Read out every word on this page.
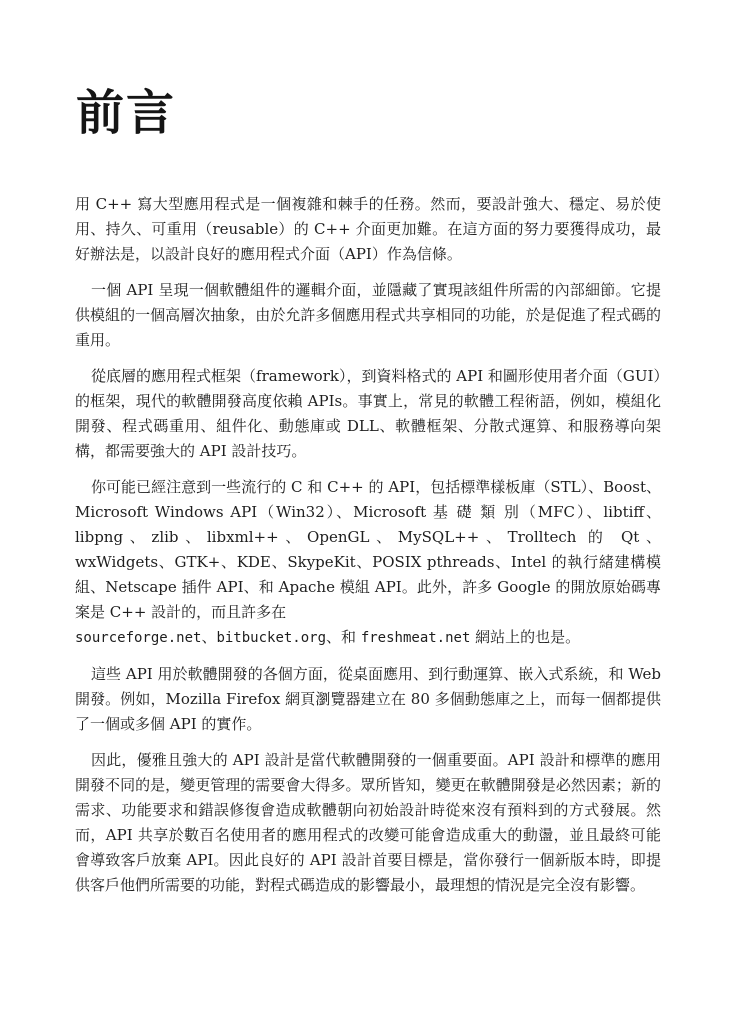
前言

用 C++ 寫大型應用程式是一個複雜和棘手的任務。然而，要設計強大、穩定、易於使用、持久、可重用（reusable）的 C++ 介面更加難。在這方面的努力要獲得成功，最好辦法是，以設計良好的應用程式介面（API）作為信條。

一個 API 呈現一個軟體組件的邏輯介面，並隱藏了實現該組件所需的內部細節。它提供模組的一個高層次抽象，由於允許多個應用程式共享相同的功能，於是促進了程式碼的重用。

從底層的應用程式框架（framework），到資料格式的 API 和圖形使用者介面（GUI）的框架，現代的軟體開發高度依賴 APIs。事實上，常見的軟體工程術語，例如，模組化開發、程式碼重用、組件化、動態庫或 DLL、軟體框架、分散式運算、和服務導向架構，都需要強大的 API 設計技巧。

你可能已經注意到一些流行的 C 和 C++ 的 API，包括標準樣板庫（STL）、Boost、Microsoft Windows API（Win32）、Microsoft 基 礎 類 別（MFC）、libtiff、libpng、zlib、libxml++、OpenGL、MySQL++、Trolltech 的 Qt、wxWidgets、GTK+、KDE、SkypeKit、POSIX pthreads、Intel 的執行緒建構模組、Netscape 插件 API、和 Apache 模組 API。此外，許多 Google 的開放原始碼專案是 C++ 設計的，而且許多在
sourceforge.net、bitbucket.org、和 freshmeat.net 網站上的也是。

這些 API 用於軟體開發的各個方面，從桌面應用、到行動運算、嵌入式系統，和 Web 開發。例如，Mozilla Firefox 網頁瀏覽器建立在 80 多個動態庫之上，而每一個都提供了一個或多個 API 的實作。

因此，優雅且強大的 API 設計是當代軟體開發的一個重要面。API 設計和標準的應用開發不同的是，變更管理的需要會大得多。眾所皆知，變更在軟體開發是必然因素；新的需求、功能要求和錯誤修復會造成軟體朝向初始設計時從來沒有預料到的方式發展。然而，API 共享於數百名使用者的應用程式的改變可能會造成重大的動盪，並且最終可能會導致客戶放棄 API。因此良好的 API 設計首要目標是，當你發行一個新版本時，即提供客戶他們所需要的功能，對程式碼造成的影響最小，最理想的情況是完全沒有影響。
